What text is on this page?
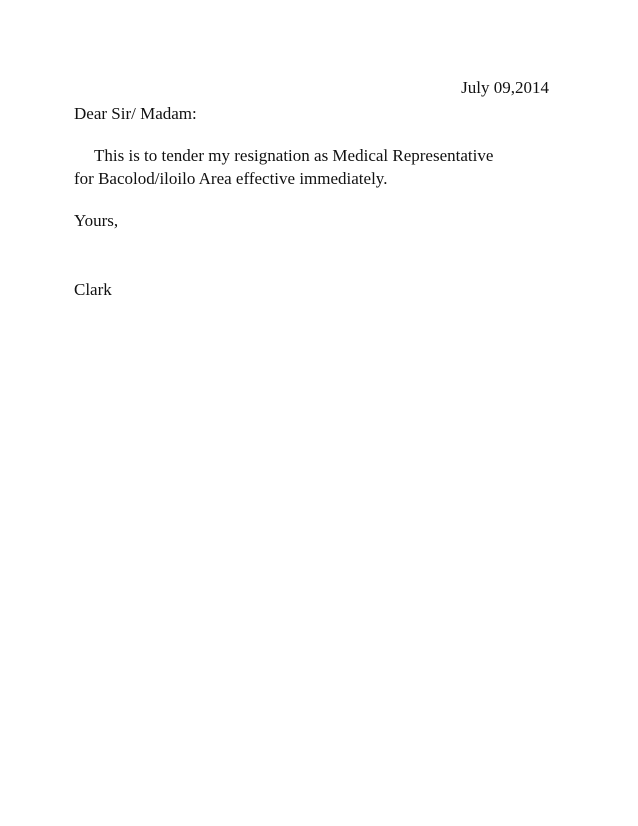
July 09,2014
Dear Sir/ Madam:
This is to tender my resignation as Medical Representative
for Bacolod/iloilo Area effective immediately.
Yours,
Clark
